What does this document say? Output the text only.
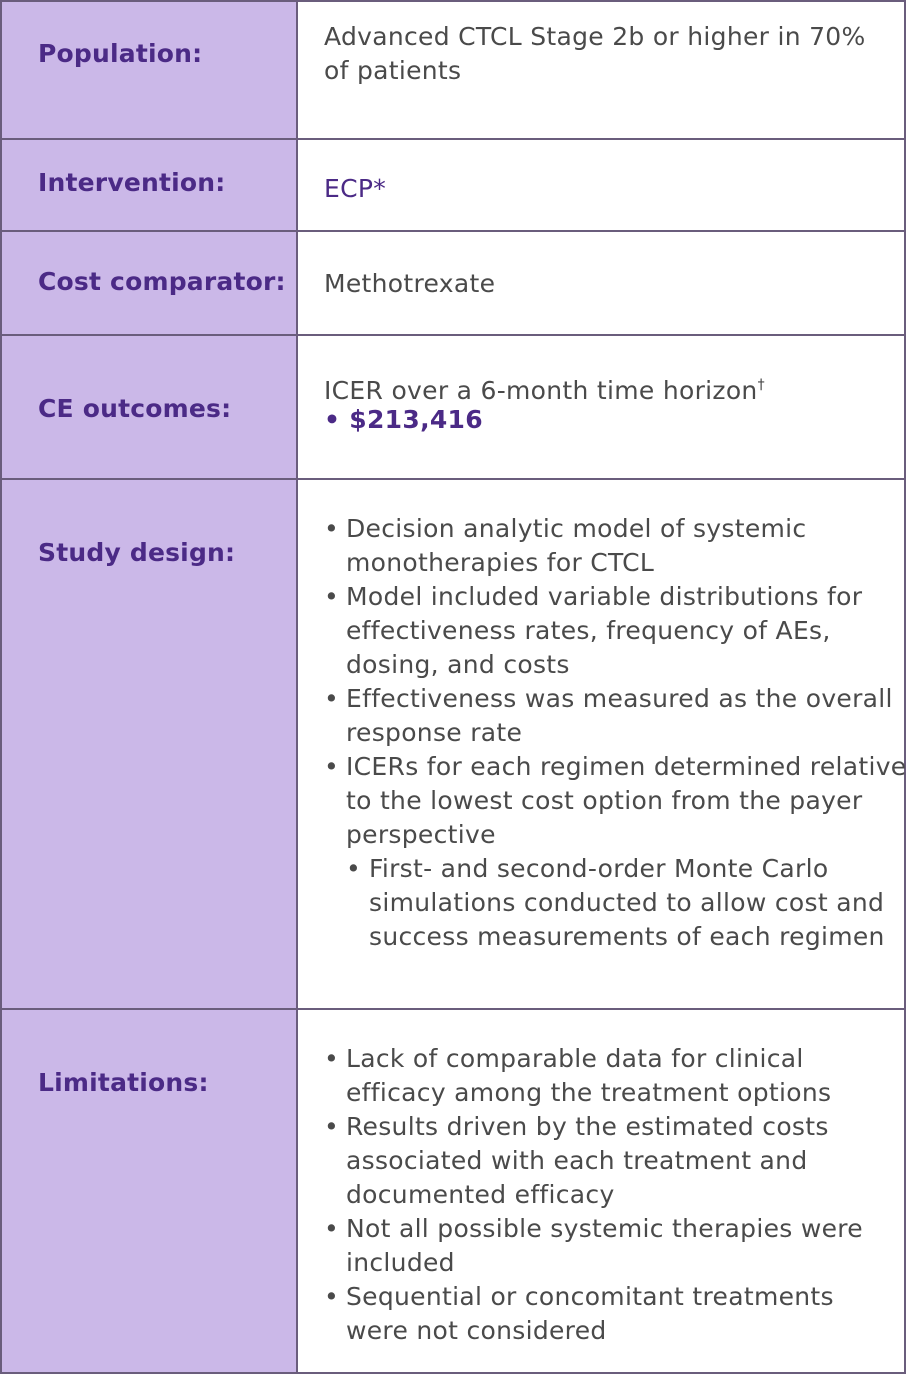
Population:
Advanced CTCL Stage 2b or higher in 70%
of patients
Intervention:	ECP*
Cost comparator: Methotrexate
CE outcomes:
ICER over a 6-month time horizon†
• $213,416
Study design:
• Decision analytic model of systemic
monotherapies for CTCL
• Model included variable distributions for
effectiveness rates, frequency of AEs,
dosing, and costs
• Effectiveness was measured as the overall
response rate
• ICERs for each regimen determined relative
to the lowest cost option from the payer
perspective
• First- and second-order Monte Carlo
simulations conducted to allow cost and
success measurements of each regimen
Limitations:
• Lack of comparable data for clinical
efficacy among the treatment options
• Results driven by the estimated costs
associated with each treatment and
documented efficacy
• Not all possible systemic therapies were
included
• Sequential or concomitant treatments
were not considered
